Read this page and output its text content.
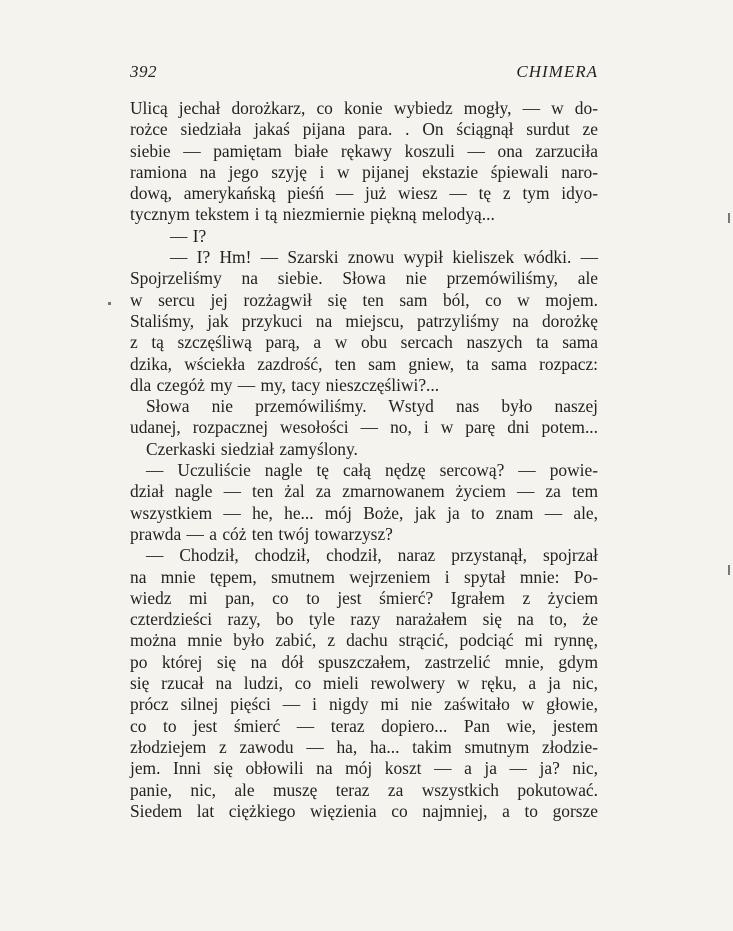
392	CHIMERA
Ulicą jechał dorożkarz, co konie wybiedz mogły, — w do-
rożce siedziała jakaś pijana para. . On ściągnął surdut ze
siebie — pamiętam białe rękawy koszuli — ona zarzuciła
ramiona na jego szyję i w pijanej ekstazie śpiewali naro-
dową, amerykańską pieśń — już wiesz — tę z tym idyo-
tycznym tekstem i tą niezmiernie piękną melodyą...
— I?
— I? Hm! — Szarski znowu wypił kieliszek wódki. —
Spojrzeliśmy na siebie. Słowa nie przemówiliśmy, ale
w sercu jej rozżagwił się ten sam ból, co w mojem.
Staliśmy, jak przykuci na miejscu, patrzyliśmy na dorożkę
z tą szczęśliwą parą, a w obu sercach naszych ta sama
dzika, wściekła zazdrość, ten sam gniew, ta sama rozpacz:
dla czegóż my — my, tacy nieszczęśliwi?...
Słowa nie przemówiliśmy. Wstyd nas było naszej
udanej, rozpacznej wesołości — no, i w parę dni potem...
Czerkaski siedział zamyślony.
— Uczuliście nagle tę całą nędzę sercową? — powie-
dział nagle — ten żal za zmarnowanem życiem — za tem
wszystkiem — he, he... mój Boże, jak ja to znam — ale,
prawda — a cóż ten twój towarzysz?
— Chodził, chodził, chodził, naraz przystanął, spojrzał
na mnie tępem, smutnem wejrzeniem i spytał mnie: Po-
wiedz mi pan, co to jest śmierć? Igrałem z życiem
czterdzieści razy, bo tyle razy narażałem się na to, że
można mnie było zabić, z dachu strącić, podciąć mi rynnę,
po której się na dół spuszczałem, zastrzelić mnie, gdym
się rzucał na ludzi, co mieli rewolwery w ręku, a ja nic,
prócz silnej pięści — i nigdy mi nie zaświtało w głowie,
co to jest śmierć — teraz dopiero... Pan wie, jestem
złodziejem z zawodu — ha, ha... takim smutnym złodzie-
jem. Inni się obłowili na mój koszt — a ja — ja? nic,
panie, nic, ale muszę teraz za wszystkich pokutować.
Siedem lat ciężkiego więzienia co najmniej, a to gorsze
